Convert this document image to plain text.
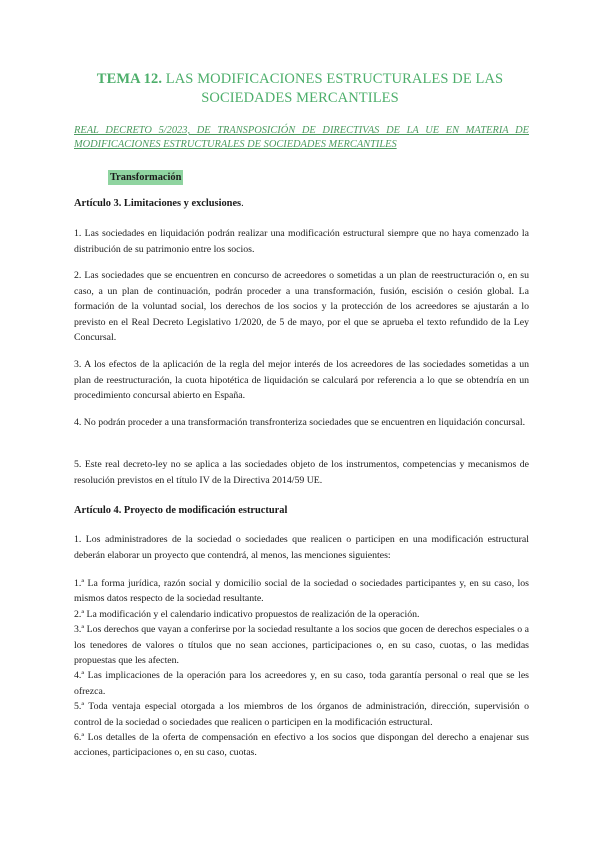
TEMA 12. LAS MODIFICACIONES ESTRUCTURALES DE LAS SOCIEDADES MERCANTILES
REAL DECRETO 5/2023, DE TRANSPOSICIÓN DE DIRECTIVAS DE LA UE EN MATERIA DE MODIFICACIONES ESTRUCTURALES DE SOCIEDADES MERCANTILES
Transformación
Artículo 3. Limitaciones y exclusiones.
1. Las sociedades en liquidación podrán realizar una modificación estructural siempre que no haya comenzado la distribución de su patrimonio entre los socios.
2. Las sociedades que se encuentren en concurso de acreedores o sometidas a un plan de reestructuración o, en su caso, a un plan de continuación, podrán proceder a una transformación, fusión, escisión o cesión global. La formación de la voluntad social, los derechos de los socios y la protección de los acreedores se ajustarán a lo previsto en el Real Decreto Legislativo 1/2020, de 5 de mayo, por el que se aprueba el texto refundido de la Ley Concursal.
3. A los efectos de la aplicación de la regla del mejor interés de los acreedores de las sociedades sometidas a un plan de reestructuración, la cuota hipotética de liquidación se calculará por referencia a lo que se obtendría en un procedimiento concursal abierto en España.
4. No podrán proceder a una transformación transfronteriza sociedades que se encuentren en liquidación concursal.
5. Este real decreto-ley no se aplica a las sociedades objeto de los instrumentos, competencias y mecanismos de resolución previstos en el título IV de la Directiva 2014/59 UE.
Artículo 4. Proyecto de modificación estructural
1. Los administradores de la sociedad o sociedades que realicen o participen en una modificación estructural deberán elaborar un proyecto que contendrá, al menos, las menciones siguientes:

1.ª La forma jurídica, razón social y domicilio social de la sociedad o sociedades participantes y, en su caso, los mismos datos respecto de la sociedad resultante.

2.ª La modificación y el calendario indicativo propuestos de realización de la operación.

3.ª Los derechos que vayan a conferirse por la sociedad resultante a los socios que gocen de derechos especiales o a los tenedores de valores o títulos que no sean acciones, participaciones o, en su caso, cuotas, o las medidas propuestas que les afecten.

4.ª Las implicaciones de la operación para los acreedores y, en su caso, toda garantía personal o real que se les ofrezca.

5.ª Toda ventaja especial otorgada a los miembros de los órganos de administración, dirección, supervisión o control de la sociedad o sociedades que realicen o participen en la modificación estructural.

6.ª Los detalles de la oferta de compensación en efectivo a los socios que dispongan del derecho a enajenar sus acciones, participaciones o, en su caso, cuotas.
